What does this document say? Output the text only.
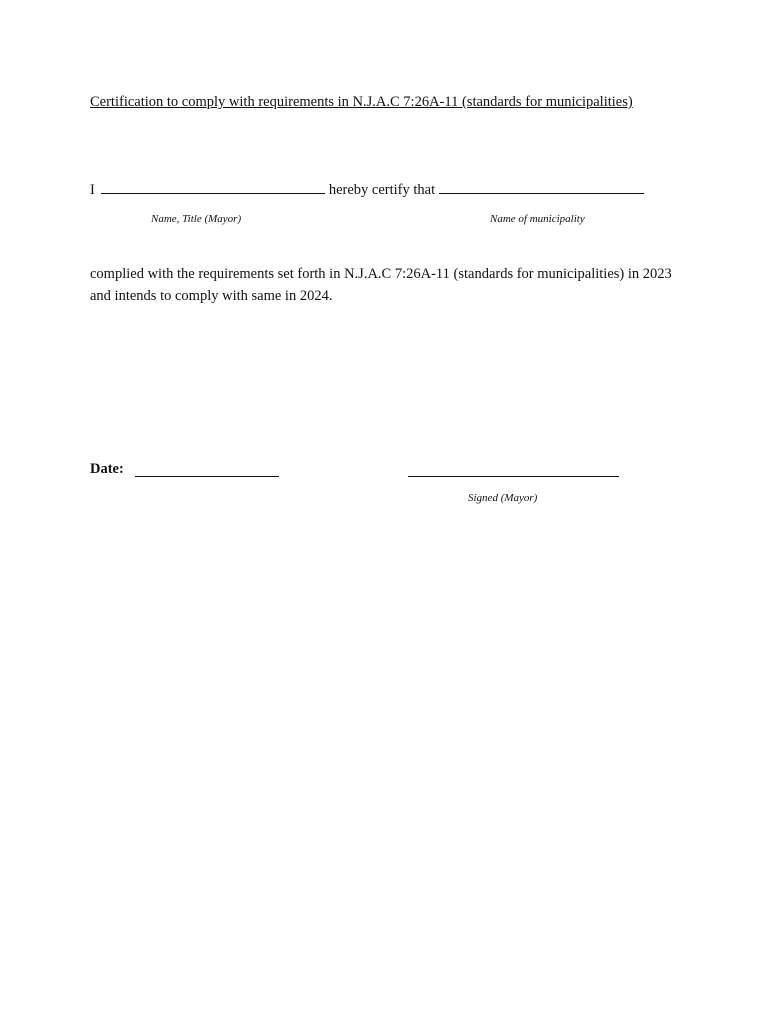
Certification to comply with requirements in N.J.A.C 7:26A-11 (standards for municipalities)
I	hereby certify that
Name, Title (Mayor)	Name of municipality
complied with the requirements set forth in N.J.A.C 7:26A-11 (standards for municipalities) in 2023 and intends to comply with same in 2024.
Date:
Signed (Mayor)
